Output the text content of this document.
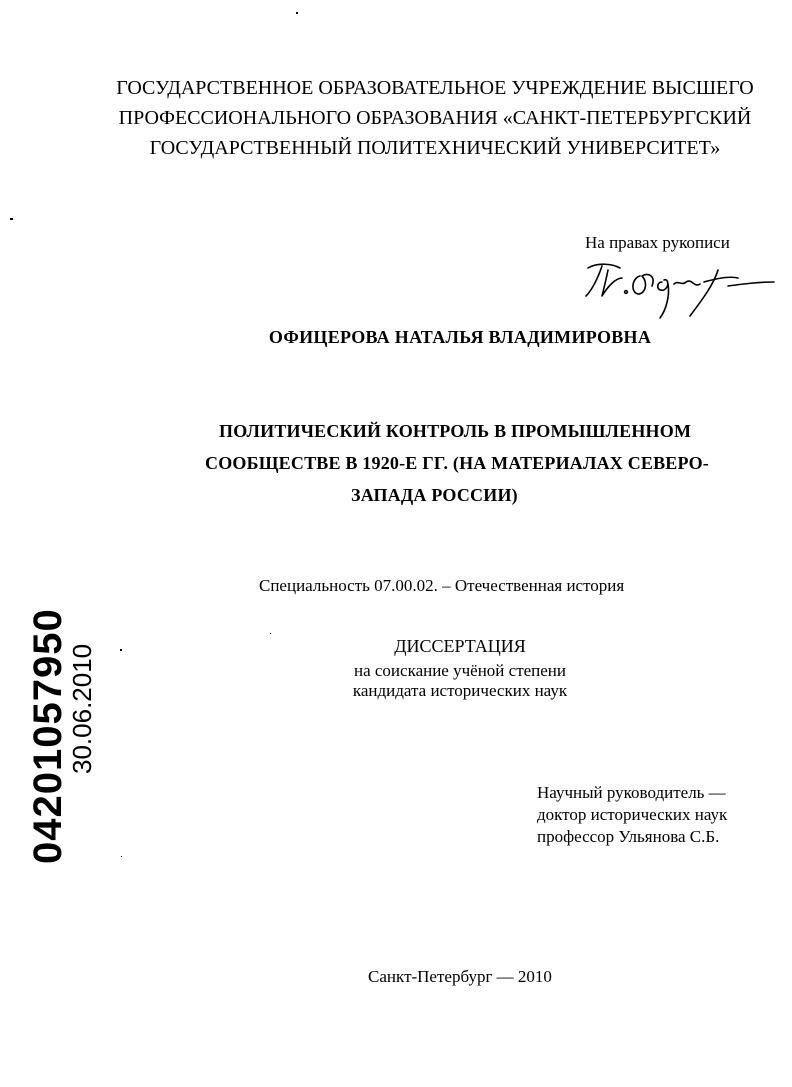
ГОСУДАРСТВЕННОЕ ОБРАЗОВАТЕЛЬНОЕ УЧРЕЖДЕНИЕ ВЫСШЕГО
ПРОФЕССИОНАЛЬНОГО ОБРАЗОВАНИЯ «САНКТ-ПЕТЕРБУРГСКИЙ
ГОСУДАРСТВЕННЫЙ ПОЛИТЕХНИЧЕСКИЙ УНИВЕРСИТЕТ»
На правах рукописи
ОФИЦЕРОВА НАТАЛЬЯ ВЛАДИМИРОВНА
ПОЛИТИЧЕСКИЙ КОНТРОЛЬ В ПРОМЫШЛЕННОМ
СООБЩЕСТВЕ В 1920-Е ГГ. (НА МАТЕРИАЛАХ СЕВЕРО-
ЗАПАДА РОССИИ)
Специальность 07.00.02. – Отечественная история
ДИССЕРТАЦИЯ
на соискание учёной степени
кандидата исторических наук
Научный руководитель —
доктор исторических наук
профессор Ульянова С.Б.
Санкт-Петербург — 2010
04201057950
30.06.2010
